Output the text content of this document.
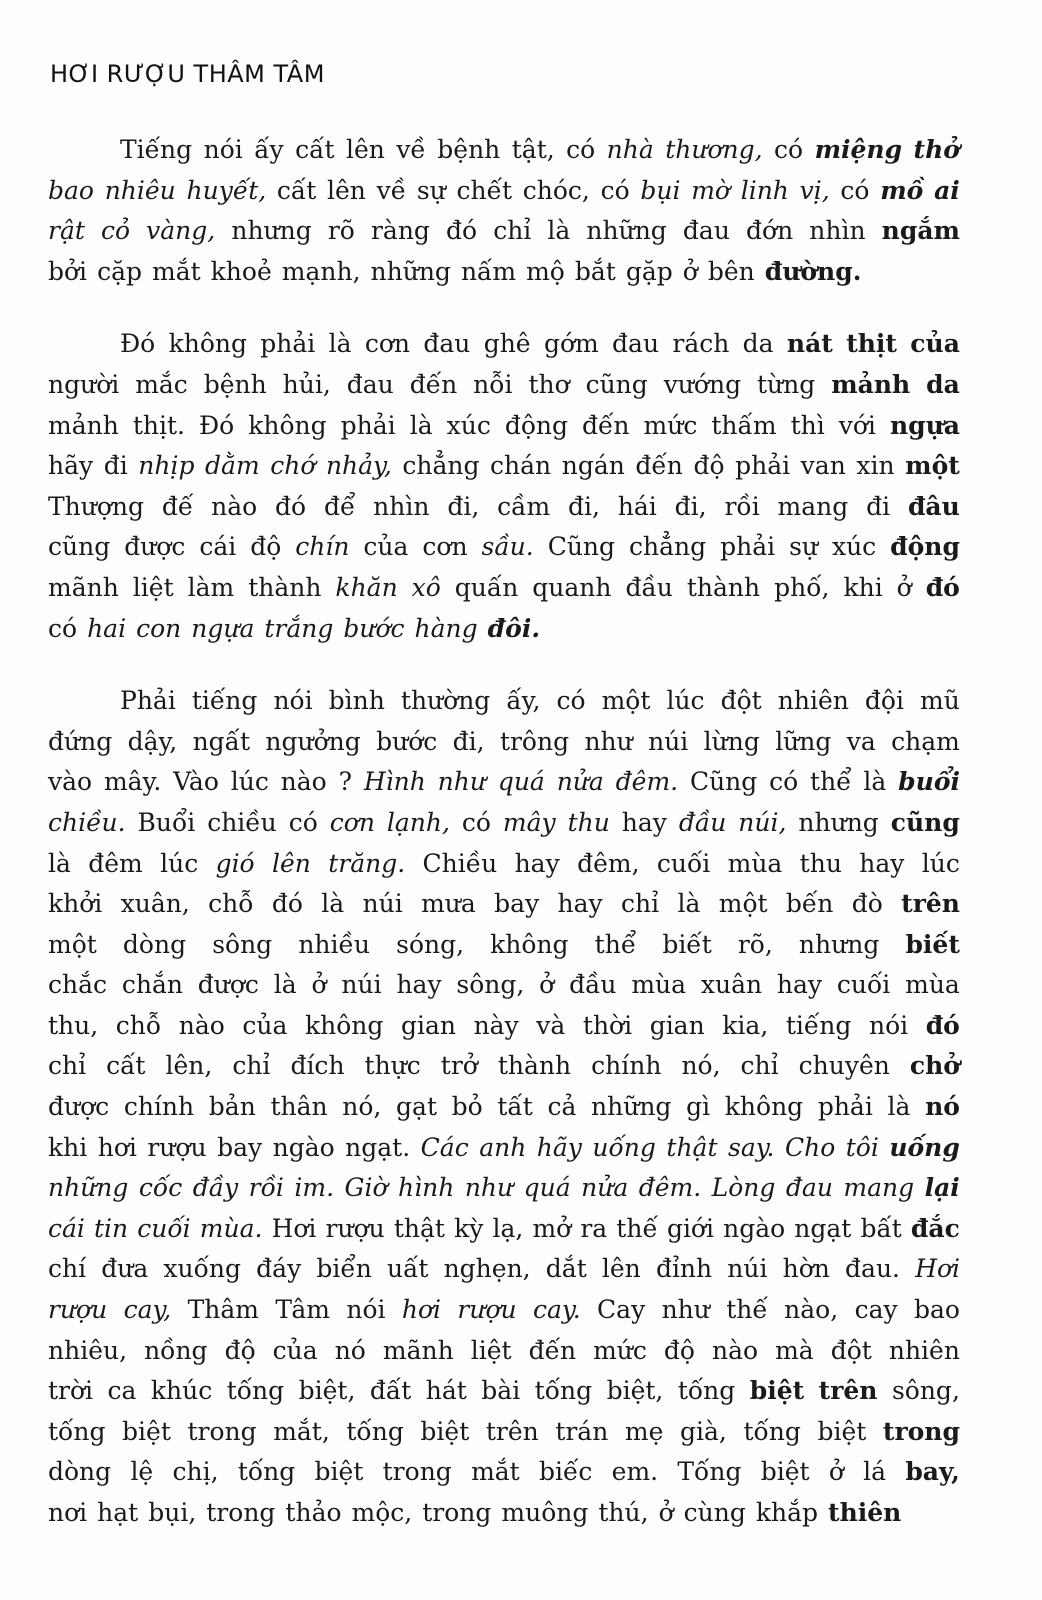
HƠI RƯỢU THÂM TÂM
Tiếng nói ấy cất lên về bệnh tật, có nhà thương, có miệng thở
bao nhiêu huyết, cất lên về sự chết chóc, có bụi mờ linh vị, có mồ ai
rật cỏ vàng, nhưng rõ ràng đó chỉ là những đau đớn nhìn ngắm
bởi cặp mắt khoẻ mạnh, những nấm mộ bắt gặp ở bên đường.
Đó không phải là cơn đau ghê gớm đau rách da nát thịt của
người mắc bệnh hủi, đau đến nỗi thơ cũng vướng từng mảnh da
mảnh thịt. Đó không phải là xúc động đến mức thấm thì với ngựa
hãy đi nhịp dằm chớ nhảy, chẳng chán ngán đến độ phải van xin một
Thượng đế nào đó để nhìn đi, cầm đi, hái đi, rồi mang đi đâu
cũng được cái độ chín của cơn sầu. Cũng chẳng phải sự xúc động
mãnh liệt làm thành khăn xô quấn quanh đầu thành phố, khi ở đó
có hai con ngựa trắng bước hàng đôi.
Phải tiếng nói bình thường ấy, có một lúc đột nhiên đội mũ
đứng dậy, ngất ngưởng bước đi, trông như núi lừng lững va chạm
vào mây. Vào lúc nào ? Hình như quá nửa đêm. Cũng có thể là buổi
chiều. Buổi chiều có cơn lạnh, có mây thu hay đầu núi, nhưng cũng
là đêm lúc gió lên trăng. Chiều hay đêm, cuối mùa thu hay lúc
khởi xuân, chỗ đó là núi mưa bay hay chỉ là một bến đò trên
một dòng sông nhiều sóng, không thể biết rõ, nhưng biết
chắc chắn được là ở núi hay sông, ở đầu mùa xuân hay cuối mùa
thu, chỗ nào của không gian này và thời gian kia, tiếng nói đó
chỉ cất lên, chỉ đích thực trở thành chính nó, chỉ chuyên chở
được chính bản thân nó, gạt bỏ tất cả những gì không phải là nó
khi hơi rượu bay ngào ngạt. Các anh hãy uống thật say. Cho tôi uống
những cốc đầy rồi im. Giờ hình như quá nửa đêm. Lòng đau mang lại
cái tin cuối mùa. Hơi rượu thật kỳ lạ, mở ra thế giới ngào ngạt bất đắc
chí đưa xuống đáy biển uất nghẹn, dắt lên đỉnh núi hờn đau. Hơi
rượu cay, Thâm Tâm nói hơi rượu cay. Cay như thế nào, cay bao
nhiêu, nồng độ của nó mãnh liệt đến mức độ nào mà đột nhiên
trời ca khúc tống biệt, đất hát bài tống biệt, tống biệt trên sông,
tống biệt trong mắt, tống biệt trên trán mẹ già, tống biệt trong
dòng lệ chị, tống biệt trong mắt biếc em. Tống biệt ở lá bay,
nơi hạt bụi, trong thảo mộc, trong muông thú, ở cùng khắp thiên
